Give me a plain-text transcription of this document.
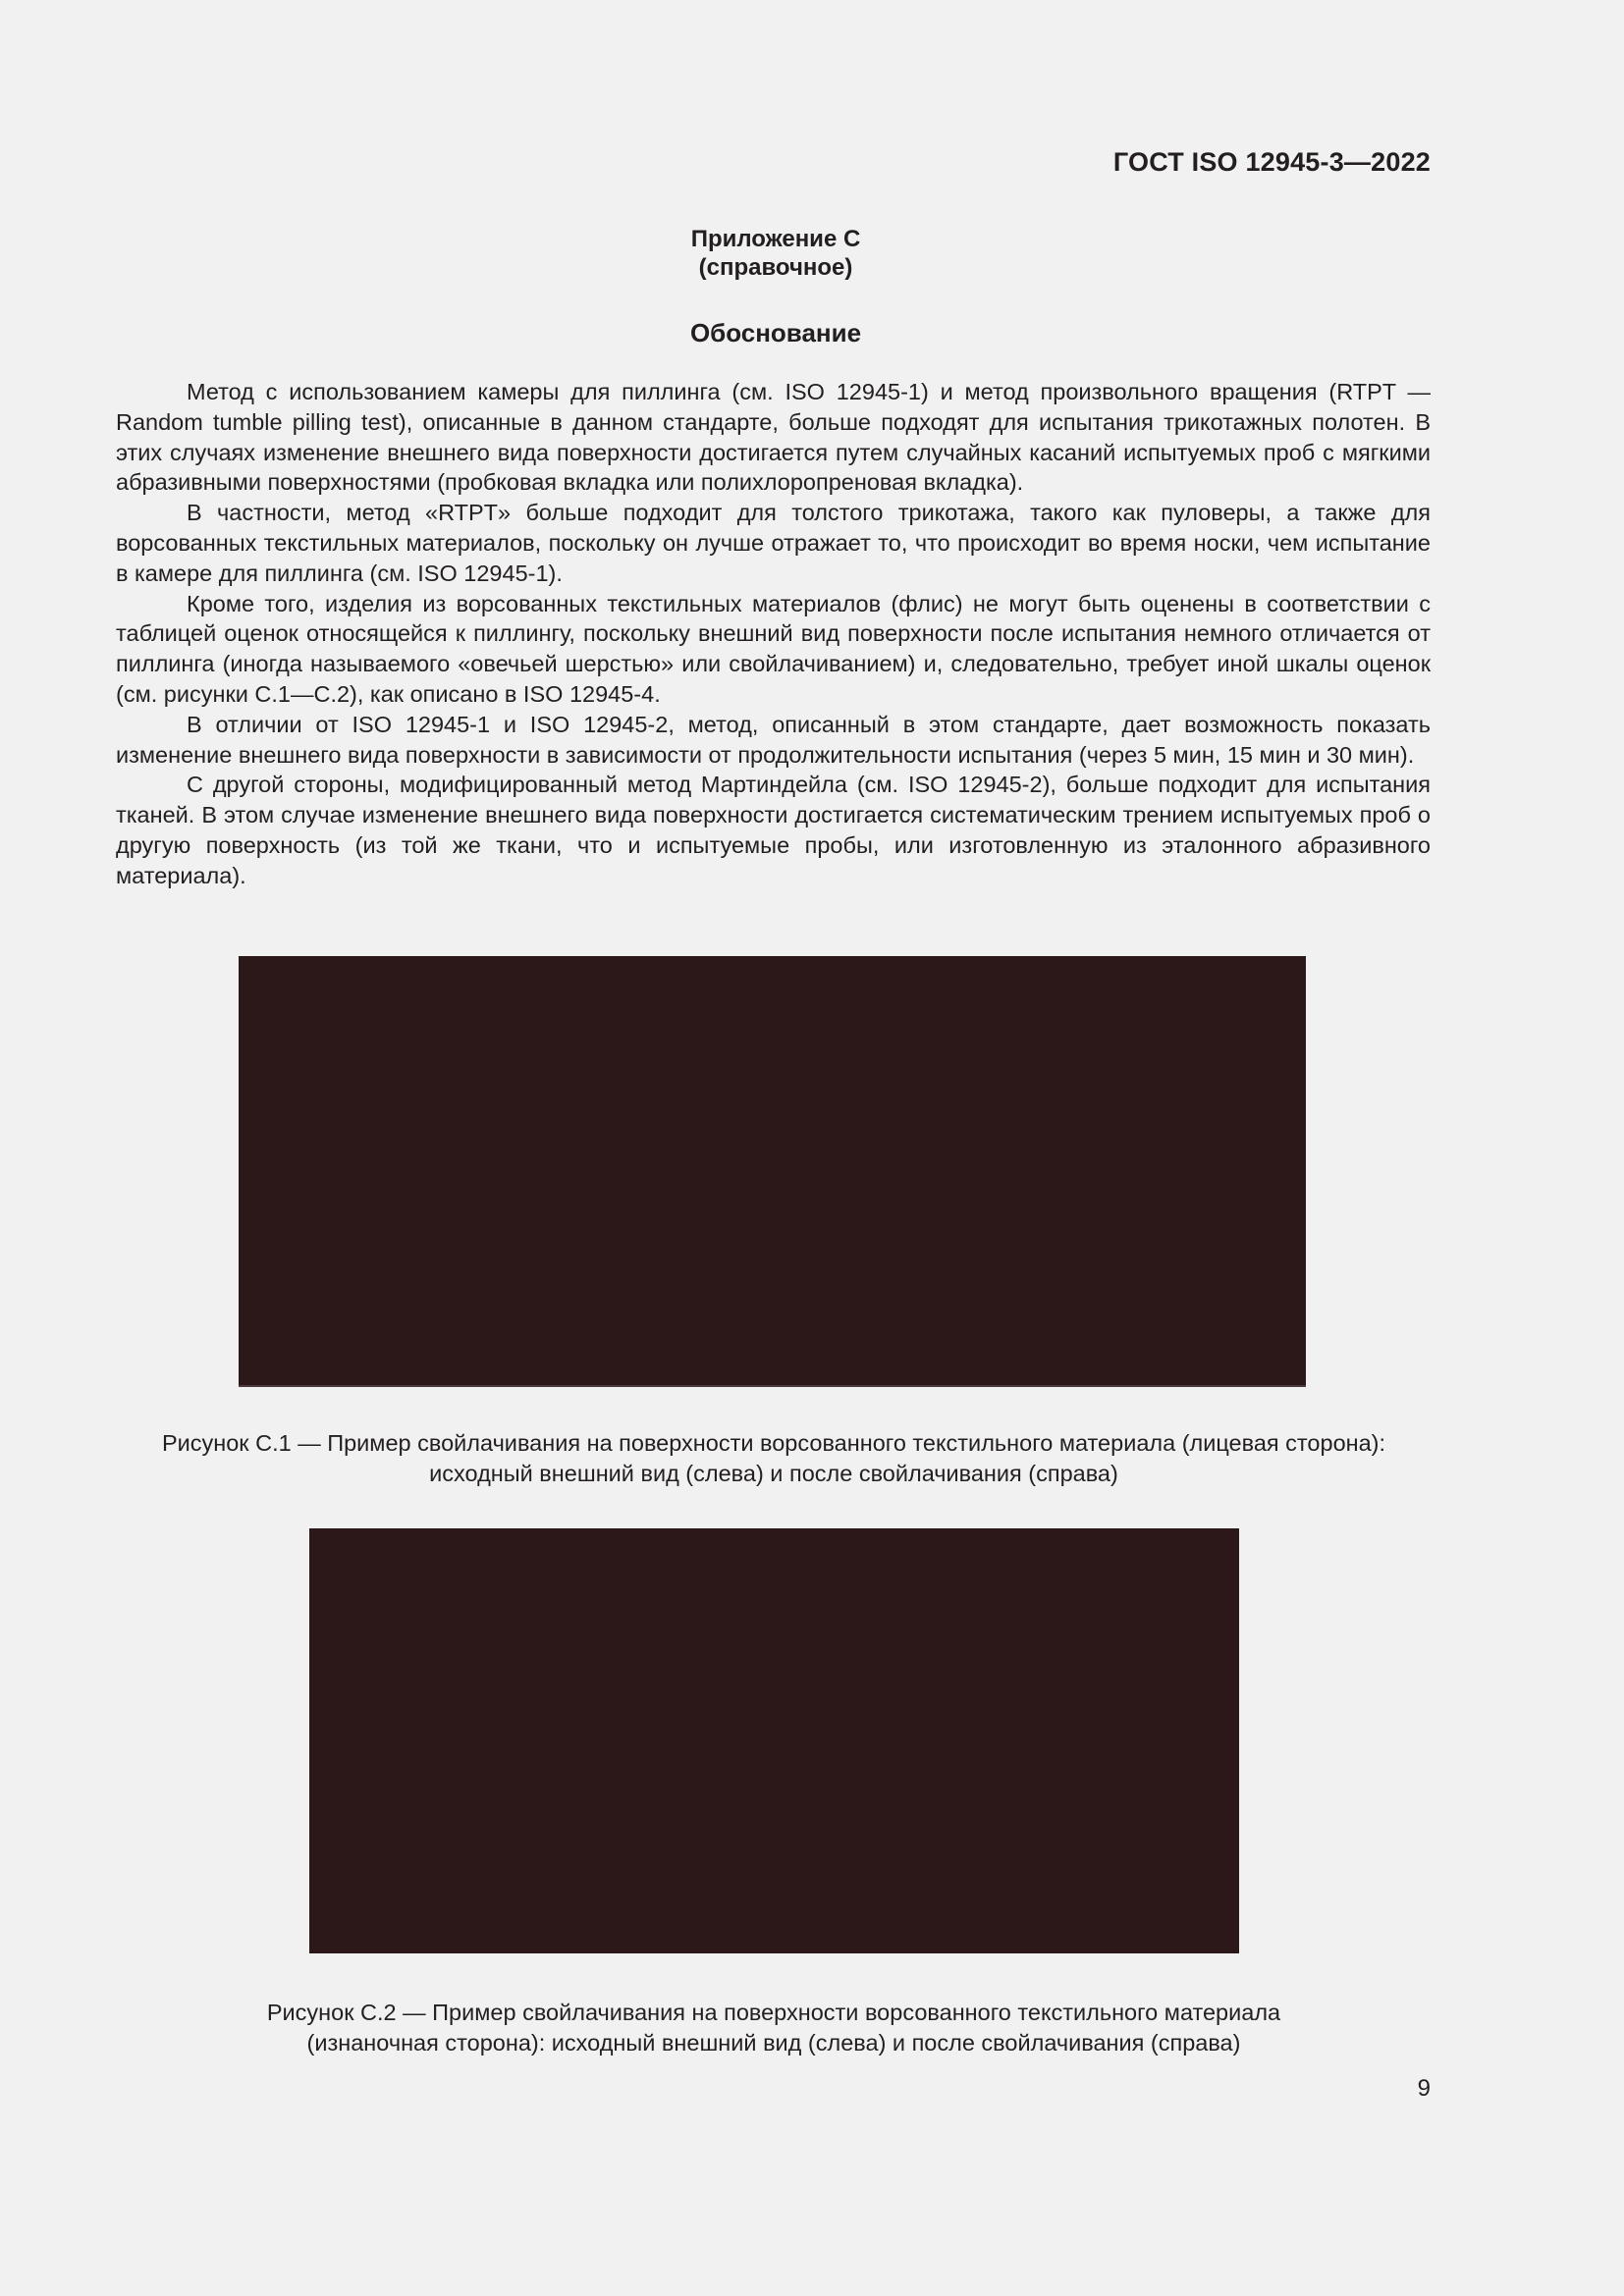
ГОСТ ISO 12945-3—2022
Приложение С
(справочное)
Обоснование

Метод с использованием камеры для пиллинга (см. ISO 12945-1) и метод произвольного вращения (RTPT — Random tumble pilling test), описанные в данном стандарте, больше подходят для испытания трикотажных полотен. В этих случаях изменение внешнего вида поверхности достигается путем случайных касаний испытуемых проб с мягкими абразивными поверхностями (пробковая вкладка или полихлоропреновая вкладка).

В частности, метод «RTPT» больше подходит для толстого трикотажа, такого как пуловеры, а также для ворсованных текстильных материалов, поскольку он лучше отражает то, что происходит во время носки, чем испытание в камере для пиллинга (см. ISO 12945-1).

Кроме того, изделия из ворсованных текстильных материалов (флис) не могут быть оценены в соответствии с таблицей оценок относящейся к пиллингу, поскольку внешний вид поверхности после испытания немного отличается от пиллинга (иногда называемого «овечьей шерстью» или свойлачиванием) и, следовательно, требует иной шкалы оценок (см. рисунки С.1—С.2), как описано в ISO 12945-4.

В отличии от ISO 12945-1 и ISO 12945-2, метод, описанный в этом стандарте, дает возможность показать изменение внешнего вида поверхности в зависимости от продолжительности испытания (через 5 мин, 15 мин и 30 мин).

С другой стороны, модифицированный метод Мартиндейла (см. ISO 12945-2), больше подходит для испытания тканей. В этом случае изменение внешнего вида поверхности достигается систематическим трением испытуемых проб о другую поверхность (из той же ткани, что и испытуемые пробы, или изготовленную из эталонного абразивного материала).

Рисунок С.1 — Пример свойлачивания на поверхности ворсованного текстильного материала (лицевая сторона):
исходный внешний вид (слева) и после свойлачивания (справа)
Рисунок С.2 — Пример свойлачивания на поверхности ворсованного текстильного материала
(изнаночная сторона): исходный внешний вид (слева) и после свойлачивания (справа)
9
